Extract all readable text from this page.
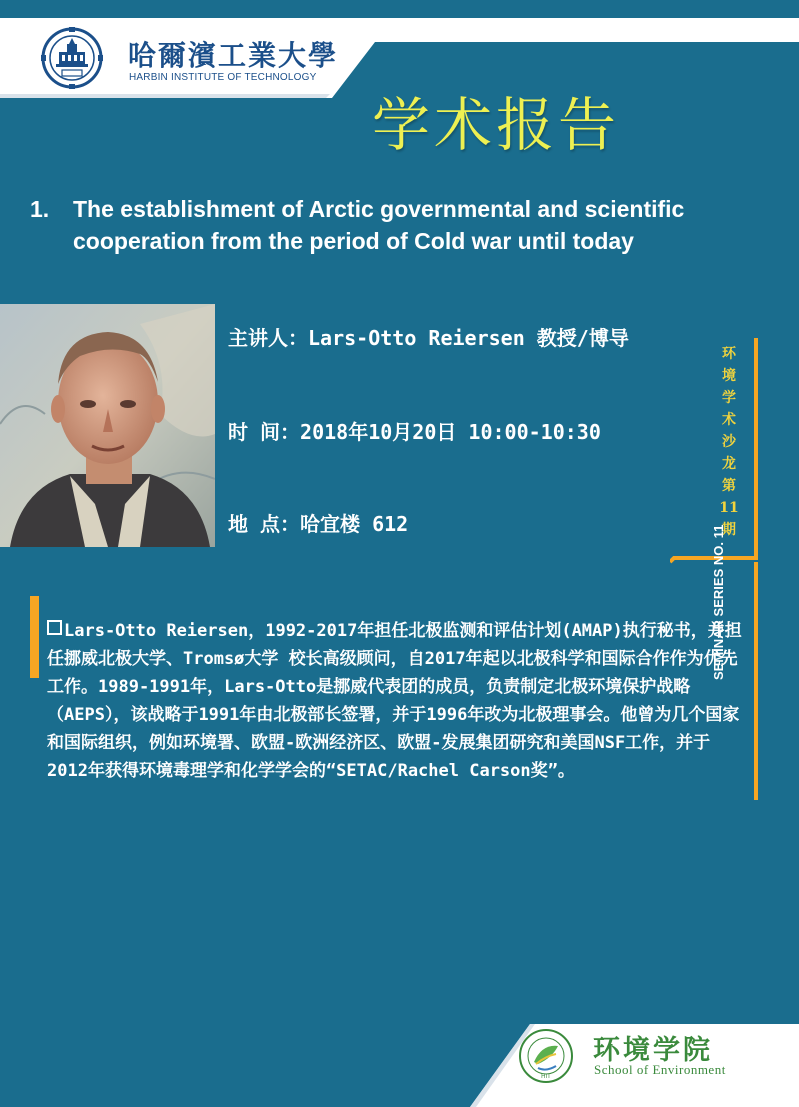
哈爾濱工業大學
HARBIN INSTITUTE OF TECHNOLOGY
学术报告
1. The establishment of Arctic governmental and scientific cooperation from the period of Cold war until today
主讲人：Lars-Otto Reiersen 教授/博导
时 间：2018年10月20日 10:00-10:30
地 点：哈宜楼 612
环
境
学
术
沙
龙
第
11
期
SEMINAR SERIES NO. 11
Lars-Otto Reiersen，1992-2017年担任北极监测和评估计划(AMAP)执行秘书，并担任挪威北极大学、Tromsø大学 校长高级顾问，自2017年起以北极科学和国际合作作为优先工作。1989-1991年，Lars-Otto是挪威代表团的成员，负责制定北极环境保护战略（AEPS），该战略于1991年由北极部长签署，并于1996年改为北极理事会。他曾为几个国家和国际组织，例如环境署、欧盟-欧洲经济区、欧盟-发展集团研究和美国NSF工作，并于2012年获得环境毒理学和化学学会的“SETAC/Rachel Carson奖”。
HIT
环境学院
School of Environment
